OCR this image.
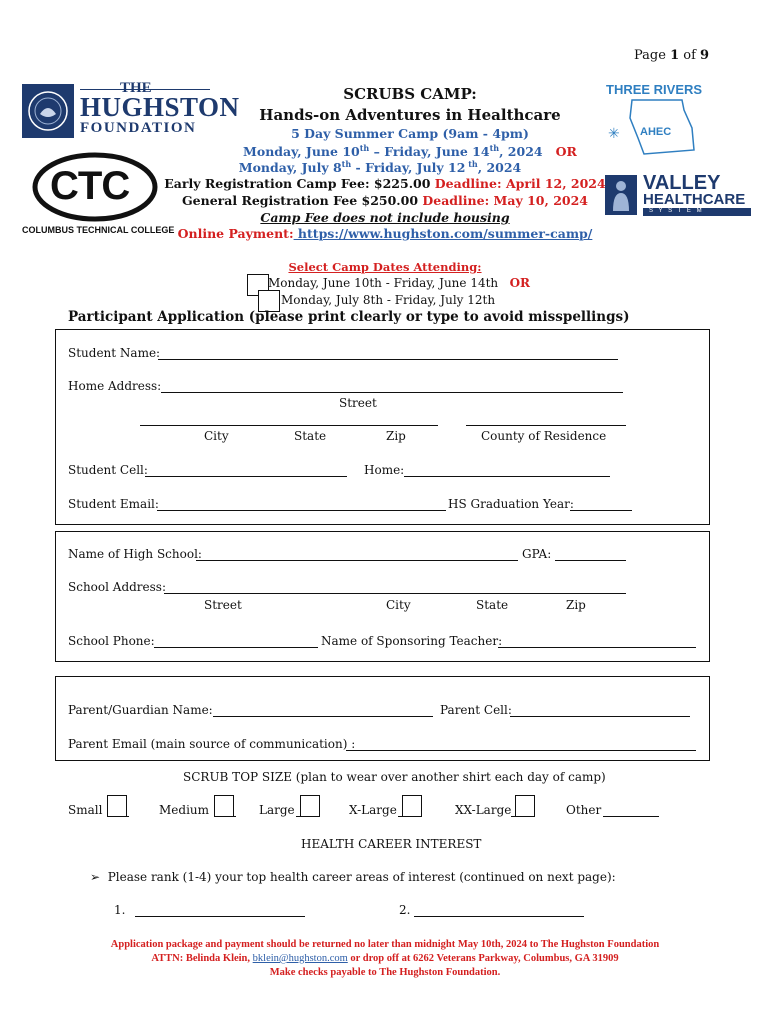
Page 1 of 9
THE
HUGHSTON
FOUNDATION
CTC
COLUMBUS TECHNICAL COLLEGE
THREE RIVERS
✳ AHEC
VALLEY
HEALTHCARE
S Y S T E M
SCRUBS CAMP:
Hands-on Adventures in Healthcare
5 Day Summer Camp (9am - 4pm)
Monday, June 10th – Friday, June 14th, 2024 OR
Monday, July 8th - Friday, July 12 $^{th}$, 2024
Early Registration Camp Fee: $225.00 Deadline: April 12, 2024
General Registration Fee $250.00 Deadline: May 10, 2024
Camp Fee does not include housing
Online Payment: https://www.hughston.com/summer-camp/
Select Camp Dates Attending:
Monday, June 10th - Friday, June 14th OR
Monday, July 8th - Friday, July 12th
Participant Application (please print clearly or type to avoid misspellings)
Student Name:
Home Address:
Street
City	State	Zip	County of Residence
Student Cell:	Home:
Student Email:	HS Graduation Year:
Name of High School:	GPA:
School Address:
Street	City	State	Zip
School Phone:	Name of Sponsoring Teacher:
Parent/Guardian Name:	Parent Cell:
Parent Email (main source of communication) :
SCRUB TOP SIZE (plan to wear over another shirt each day of camp)
Small	Medium	Large	X-Large	XX-Large	Other
HEALTH CAREER INTEREST
➢ Please rank (1-4) your top health career areas of interest (continued on next page):
1.	2.
Application package and payment should be returned no later than midnight May 10th, 2024 to The Hughston Foundation
ATTN: Belinda Klein, bklein@hughston.com or drop off at 6262 Veterans Parkway, Columbus, GA 31909
Make checks payable to The Hughston Foundation.
